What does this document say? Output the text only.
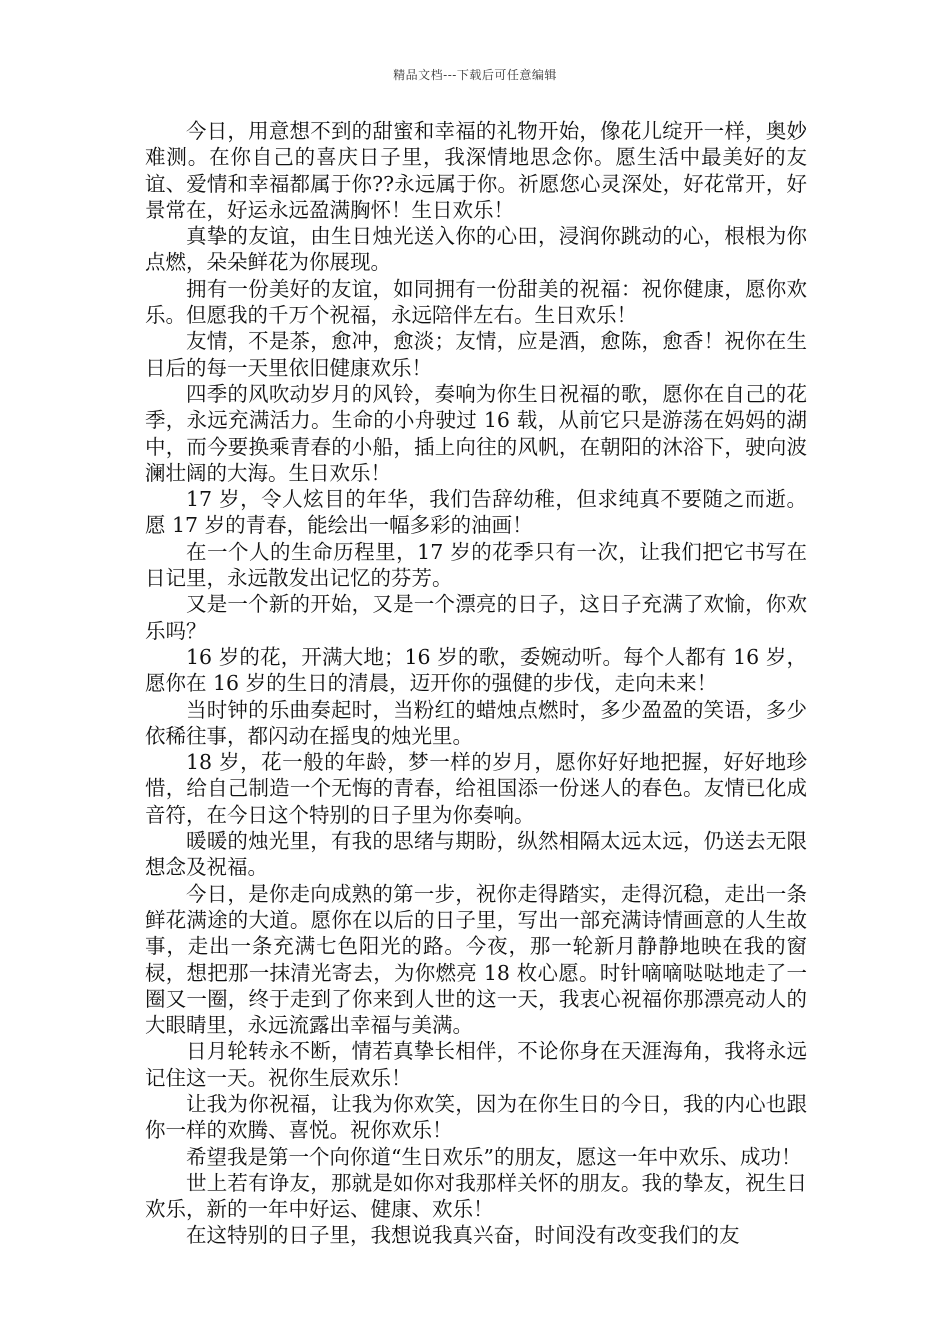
精品文档---下载后可任意编辑

今日，用意想不到的甜蜜和幸福的礼物开始，像花儿绽开一样，奥妙难测。在你自己的喜庆日子里，我深情地思念你。愿生活中最美好的友谊、爱情和幸福都属于你??永远属于你。祈愿您心灵深处，好花常开，好景常在，好运永远盈满胸怀！生日欢乐！

真挚的友谊，由生日烛光送入你的心田，浸润你跳动的心，根根为你点燃，朵朵鲜花为你展现。

拥有一份美好的友谊，如同拥有一份甜美的祝福：祝你健康，愿你欢乐。但愿我的千万个祝福，永远陪伴左右。生日欢乐！

友情，不是茶，愈冲，愈淡；友情，应是酒，愈陈，愈香！祝你在生日后的每一天里依旧健康欢乐！

四季的风吹动岁月的风铃，奏响为你生日祝福的歌，愿你在自己的花季，永远充满活力。生命的小舟驶过 16 载，从前它只是游荡在妈妈的湖中，而今要换乘青春的小船，插上向往的风帆，在朝阳的沐浴下，驶向波澜壮阔的大海。生日欢乐！

17 岁，令人炫目的年华，我们告辞幼稚，但求纯真不要随之而逝。愿 17 岁的青春，能绘出一幅多彩的油画！

在一个人的生命历程里，17 岁的花季只有一次，让我们把它书写在日记里，永远散发出记忆的芬芳。

又是一个新的开始，又是一个漂亮的日子，这日子充满了欢愉，你欢乐吗？

16 岁的花，开满大地；16 岁的歌，委婉动听。每个人都有 16 岁，愿你在 16 岁的生日的清晨，迈开你的强健的步伐，走向未来！

当时钟的乐曲奏起时，当粉红的蜡烛点燃时，多少盈盈的笑语，多少依稀往事，都闪动在摇曳的烛光里。

18 岁，花一般的年龄，梦一样的岁月，愿你好好地把握，好好地珍惜，给自己制造一个无悔的青春，给祖国添一份迷人的春色。友情已化成音符，在今日这个特别的日子里为你奏响。

暖暖的烛光里，有我的思绪与期盼，纵然相隔太远太远，仍送去无限想念及祝福。

今日，是你走向成熟的第一步，祝你走得踏实，走得沉稳，走出一条鲜花满途的大道。愿你在以后的日子里，写出一部充满诗情画意的人生故事，走出一条充满七色阳光的路。今夜，那一轮新月静静地映在我的窗棂，想把那一抹清光寄去，为你燃亮 18 枚心愿。时针嘀嘀哒哒地走了一圈又一圈，终于走到了你来到人世的这一天，我衷心祝福你那漂亮动人的大眼睛里，永远流露出幸福与美满。

日月轮转永不断，情若真挚长相伴，不论你身在天涯海角，我将永远记住这一天。祝你生辰欢乐！

让我为你祝福，让我为你欢笑，因为在你生日的今日，我的内心也跟你一样的欢腾、喜悦。祝你欢乐！

希望我是第一个向你道“生日欢乐”的朋友，愿这一年中欢乐、成功！

世上若有诤友，那就是如你对我那样关怀的朋友。我的挚友，祝生日欢乐，新的一年中好运、健康、欢乐！

在这特别的日子里，我想说我真兴奋，时间没有改变我们的友
